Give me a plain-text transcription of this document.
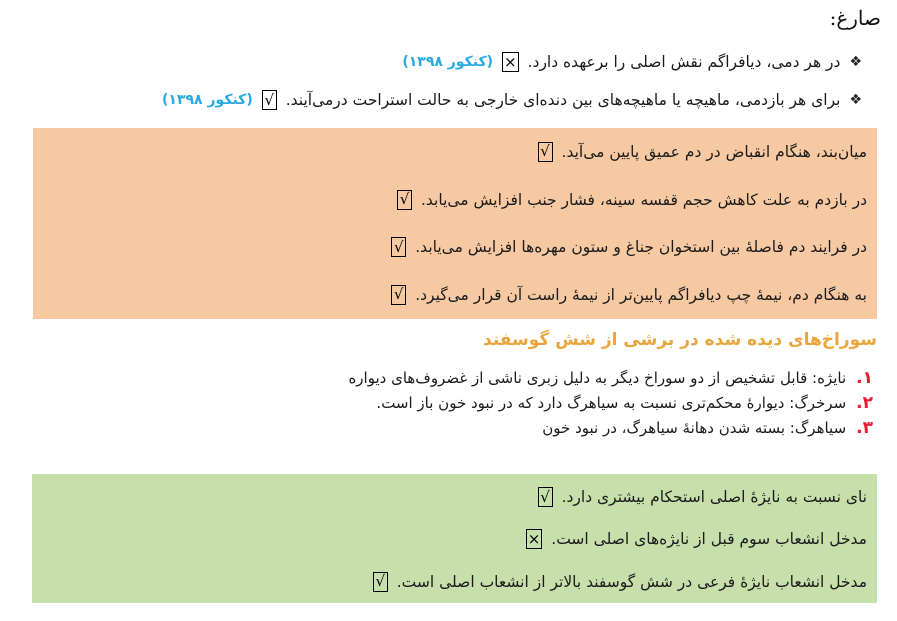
صارغ:
❖
در هر دمی، دیافراگم نقش اصلی را برعهده دارد.
×
(کنکور ۱۳۹۸)
❖
برای هر بازدمی، ماهیچه یا ماهیچه‌های بین دنده‌ای خارجی به حالت استراحت درمی‌آیند.
√
(کنکور ۱۳۹۸)
میان‌بند، هنگام انقباض در دم عمیق پایین می‌آید.
√
در بازدم به علت کاهش حجم قفسه سینه، فشار جنب افزایش می‌یابد.
√
در فرایند دم فاصلهٔ بین استخوان جناغ و ستون مهره‌ها افزایش می‌یابد.
√
به هنگام دم، نیمهٔ چپ دیافراگم پایین‌تر از نیمهٔ راست آن قرار می‌گیرد.
√
سوراخ‌های دیده شده در برشی از شش گوسفند
۱.
نایژه: قابل تشخیص از دو سوراخ دیگر به دلیل زبری ناشی از غضروف‌های دیواره
۲.
سرخرگ: دیوارهٔ محکم‌تری نسبت به سیاهرگ دارد که در نبود خون باز است.
۳.
سیاهرگ: بسته شدن دهانهٔ سیاهرگ، در نبود خون
نای نسبت به نایژهٔ اصلی استحکام بیشتری دارد.
√
مدخل انشعاب سوم قبل از نایژه‌های اصلی است.
×
مدخل انشعاب نایژهٔ فرعی در شش گوسفند بالاتر از انشعاب اصلی است.
√
